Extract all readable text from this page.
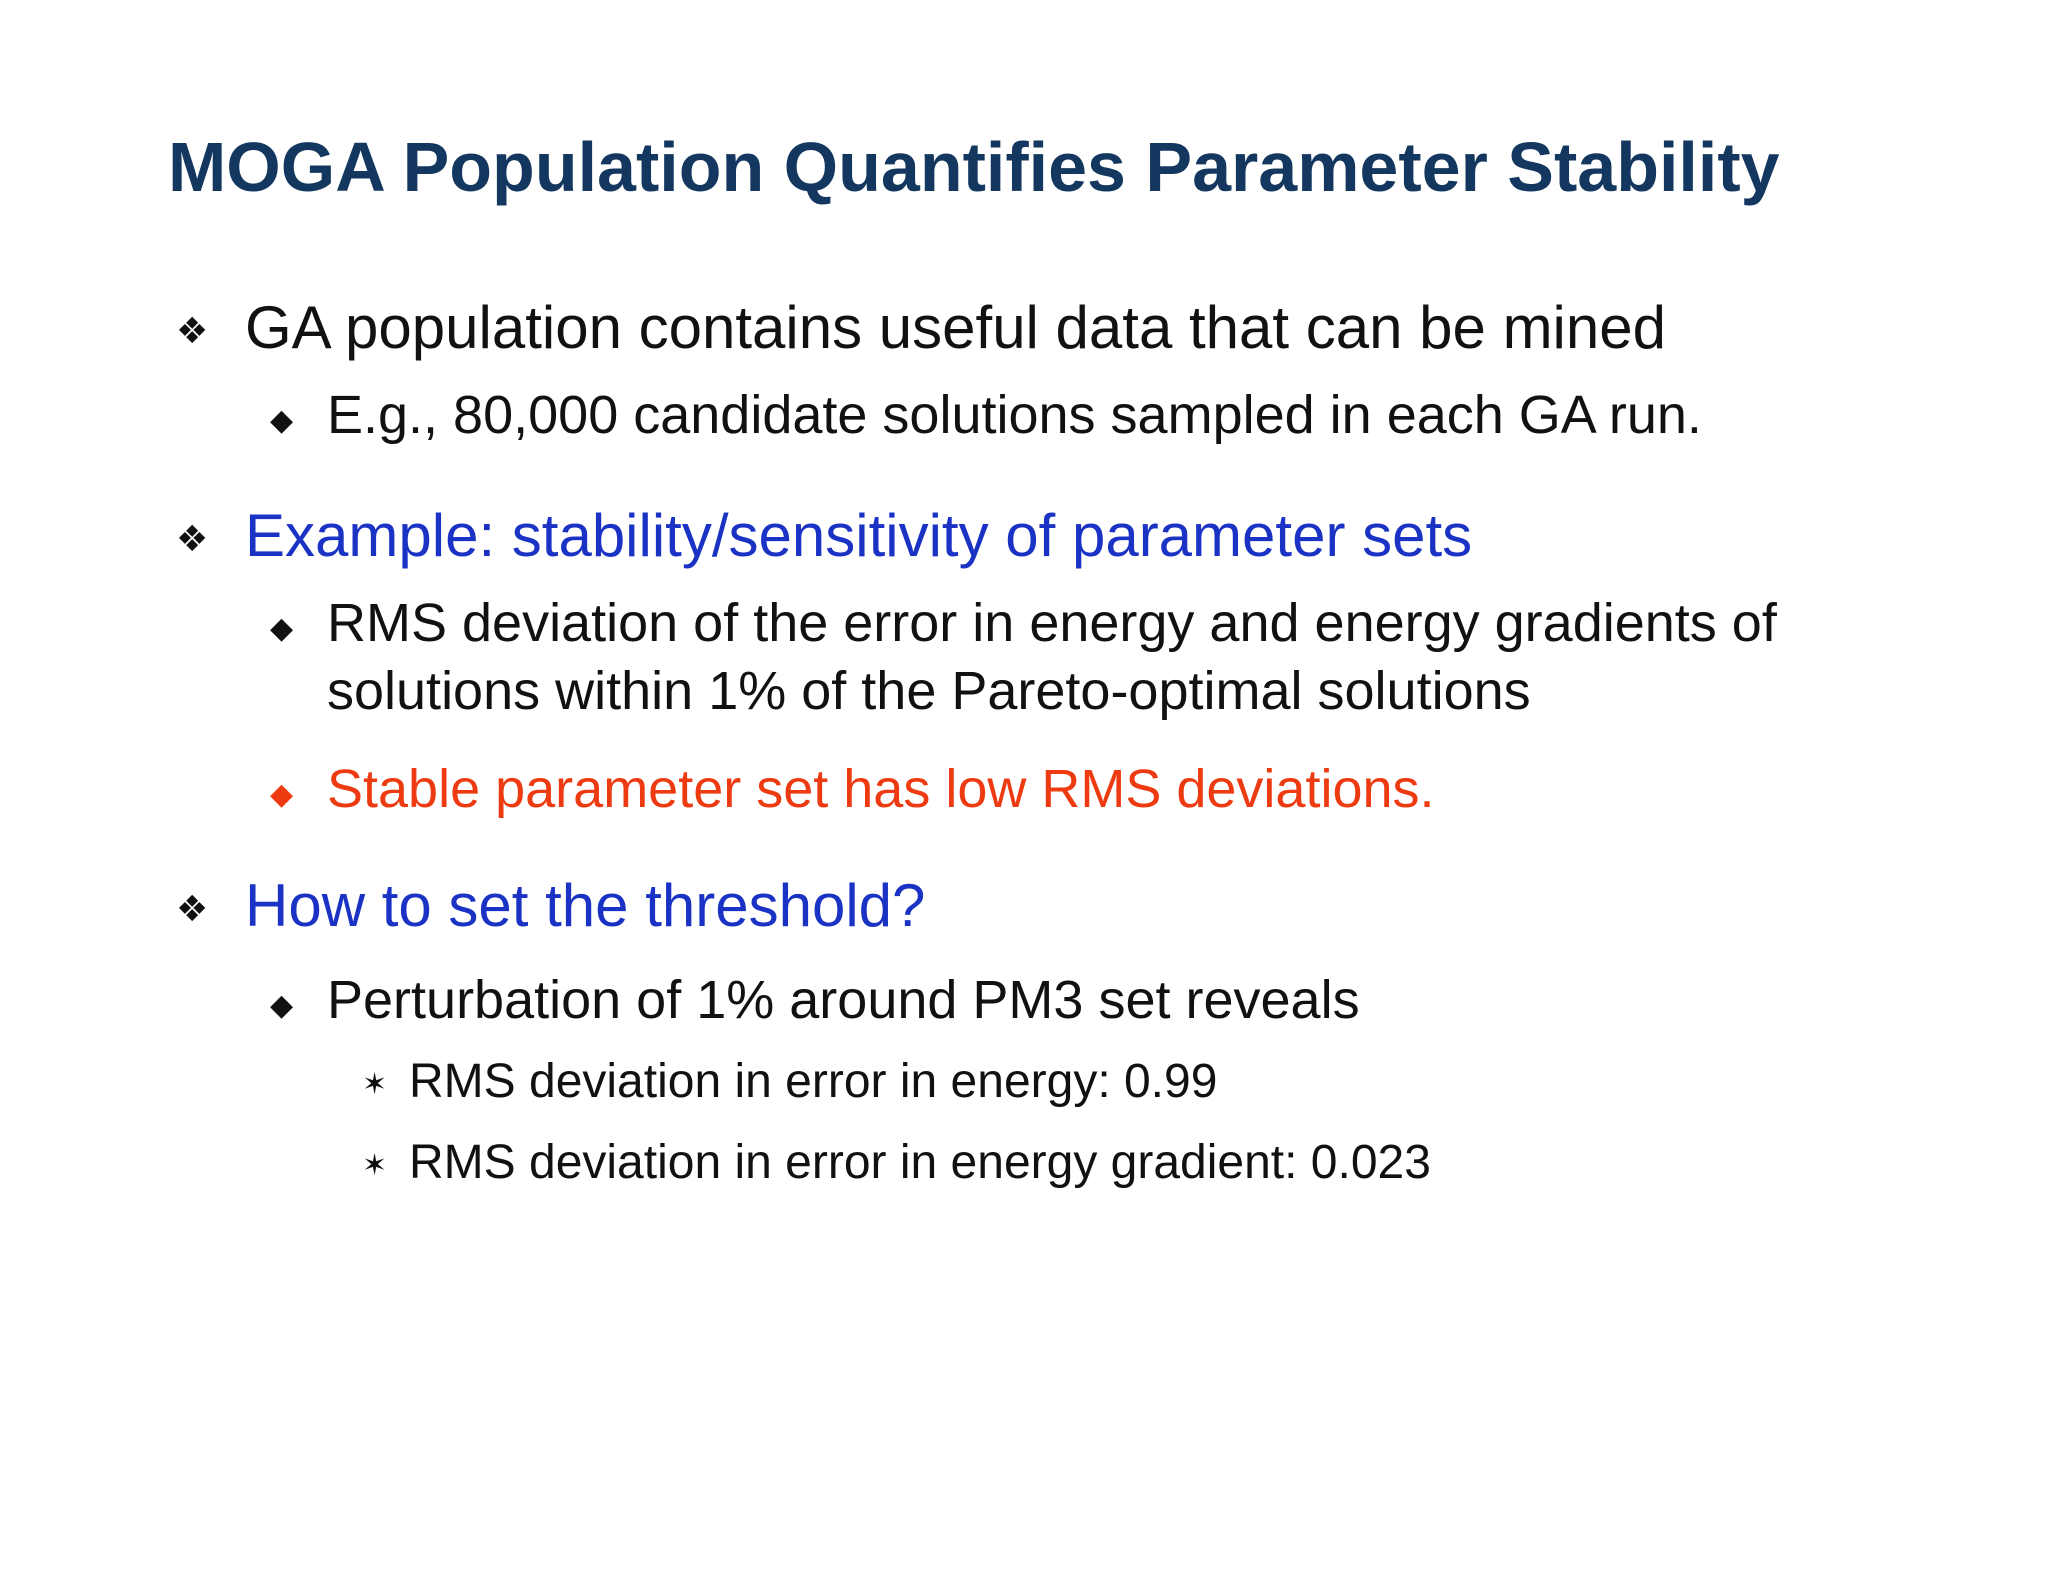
MOGA Population Quantifies Parameter Stability
❖ GA population contains useful data that can be mined
◆ E.g., 80,000 candidate solutions sampled in each GA run.
❖ Example: stability/sensitivity of parameter sets
◆ RMS deviation of the error in energy and energy gradients of
solutions within 1% of the Pareto-optimal solutions
◆ Stable parameter set has low RMS deviations.
❖ How to set the threshold?
◆ Perturbation of 1% around PM3 set reveals
✶ RMS deviation in error in energy: 0.99
✶ RMS deviation in error in energy gradient: 0.023
